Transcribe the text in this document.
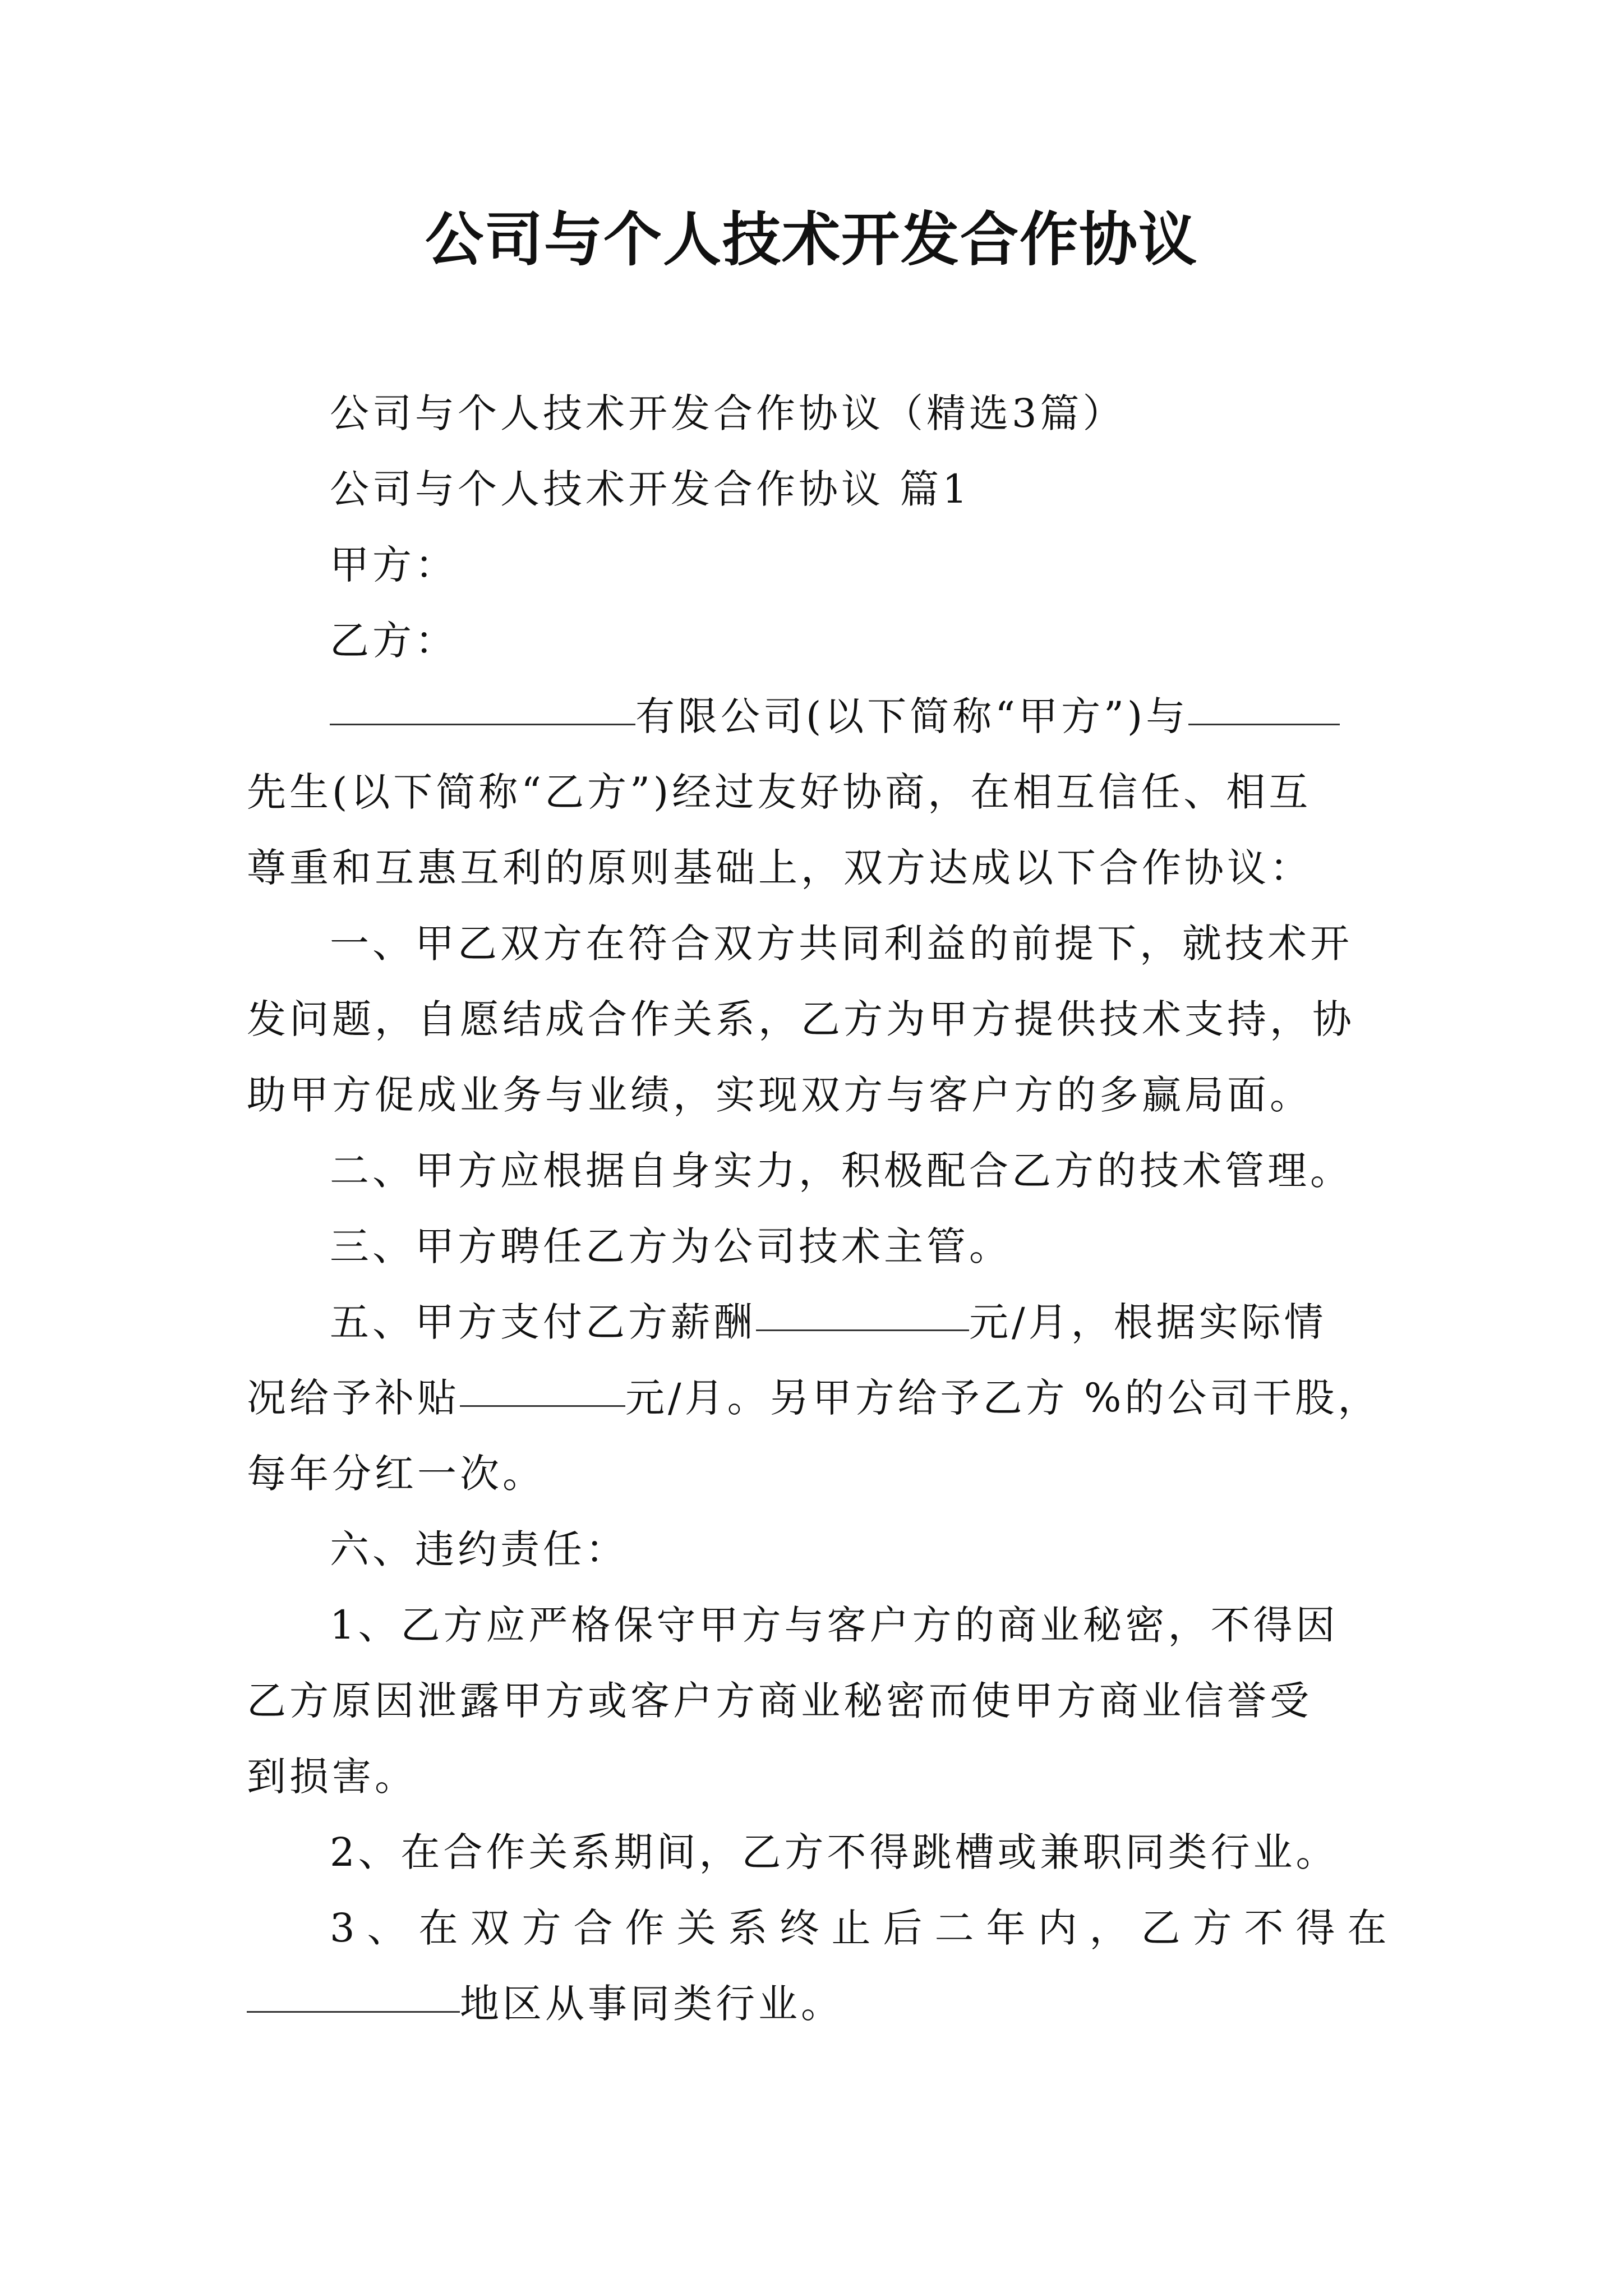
公司与个人技术开发合作协议

公司与个人技术开发合作协议（精选3篇）

公司与个人技术开发合作协议 篇1

甲方：

乙方：

有限公司(以下简称“甲方”)与

先生(以下简称“乙方”)经过友好协商，在相互信任、相互

尊重和互惠互利的原则基础上，双方达成以下合作协议：

一、甲乙双方在符合双方共同利益的前提下，就技术开

发问题，自愿结成合作关系，乙方为甲方提供技术支持，协

助甲方促成业务与业绩，实现双方与客户方的多赢局面。

二、甲方应根据自身实力，积极配合乙方的技术管理。

三、甲方聘任乙方为公司技术主管。

五、甲方支付乙方薪酬	元/月，根据实际情

况给予补贴	元/月。另甲方给予乙方 %的公司干股，

每年分红一次。

六、违约责任：

1、乙方应严格保守甲方与客户方的商业秘密，不得因

乙方原因泄露甲方或客户方商业秘密而使甲方商业信誉受

到损害。

2、在合作关系期间，乙方不得跳槽或兼职同类行业。

3、在双方合作关系终止后二年内，乙方不得在

地区从事同类行业。
